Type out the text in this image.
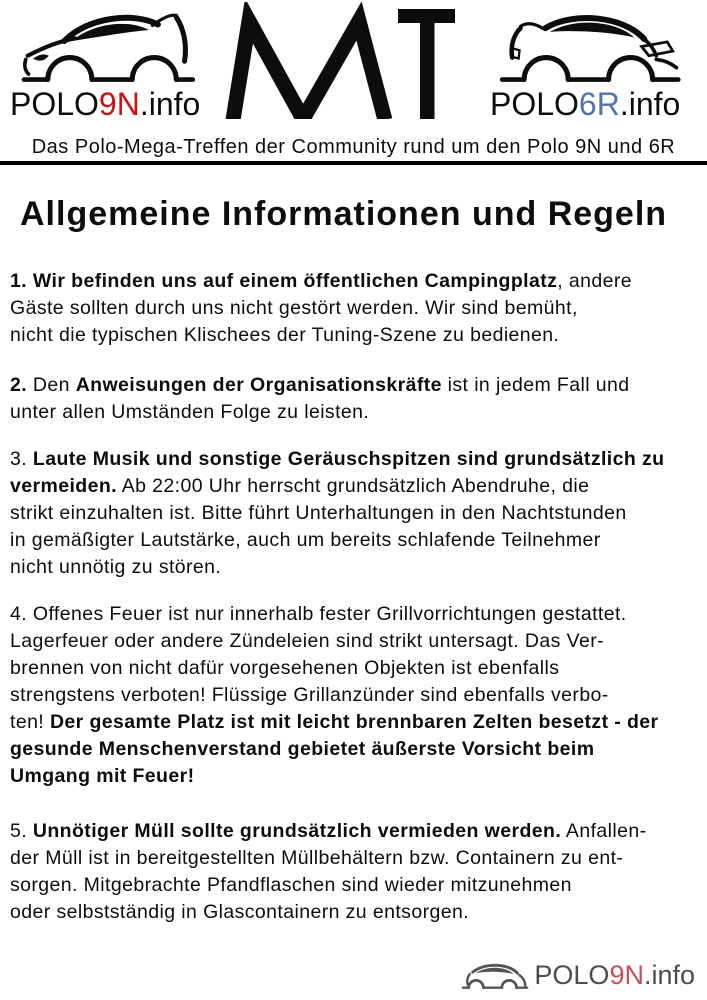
POLO9N.info	POLO6R.info
Das Polo-Mega-Treffen der Community rund um den Polo 9N und 6R
Allgemeine Informationen und Regeln

1. Wir befinden uns auf einem öffentlichen Campingplatz, andere
Gäste sollten durch uns nicht gestört werden. Wir sind bemüht,
nicht die typischen Klischees der Tuning-Szene zu bedienen.

2. Den Anweisungen der Organisationskräfte ist in jedem Fall und
unter allen Umständen Folge zu leisten.

3. Laute Musik und sonstige Geräuschspitzen sind grundsätzlich zu
vermeiden. Ab 22:00 Uhr herrscht grundsätzlich Abendruhe, die
strikt einzuhalten ist. Bitte führt Unterhaltungen in den Nachtstunden
in gemäßigter Lautstärke, auch um bereits schlafende Teilnehmer
nicht unnötig zu stören.

4. Offenes Feuer ist nur innerhalb fester Grillvorrichtungen gestattet.
Lagerfeuer oder andere Zündeleien sind strikt untersagt. Das Ver-
brennen von nicht dafür vorgesehenen Objekten ist ebenfalls
strengstens verboten! Flüssige Grillanzünder sind ebenfalls verbo-
ten! Der gesamte Platz ist mit leicht brennbaren Zelten besetzt - der
gesunde Menschenverstand gebietet äußerste Vorsicht beim
Umgang mit Feuer!

5. Unnötiger Müll sollte grundsätzlich vermieden werden. Anfallen-
der Müll ist in bereitgestellten Müllbehältern bzw. Containern zu ent-
sorgen. Mitgebrachte Pfandflaschen sind wieder mitzunehmen
oder selbstständig in Glascontainern zu entsorgen.

POLO 9N .info
